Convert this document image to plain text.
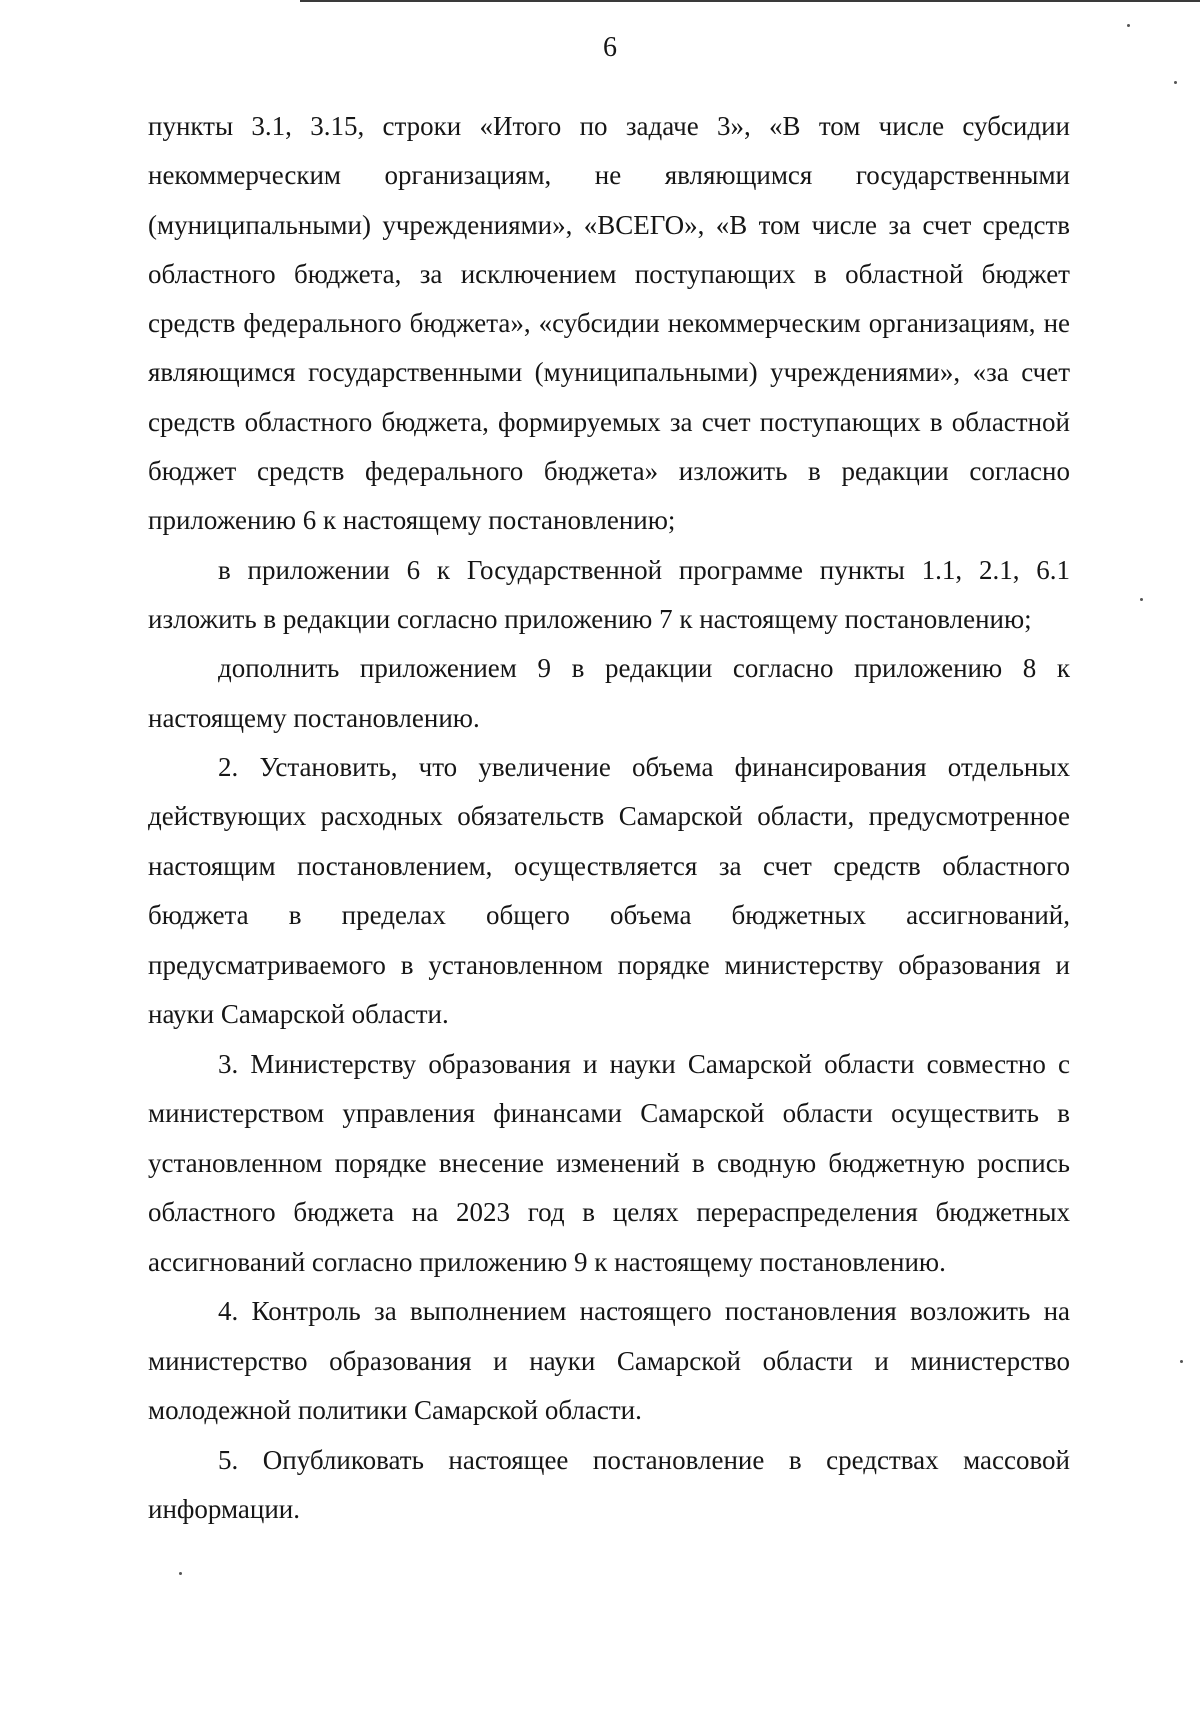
6

пункты 3.1, 3.15, строки «Итого по задаче 3», «В том числе субсидии некоммерческим организациям, не являющимся государственными (муниципальными) учреждениями», «ВСЕГО», «В том числе за счет средств областного бюджета, за исключением поступающих в областной бюджет средств федерального бюджета», «субсидии некоммерческим организациям, не являющимся государственными (муниципальными) учреждениями», «за счет средств областного бюджета, формируемых за счет поступающих в областной бюджет средств федерального бюджета» изложить в редакции согласно приложению 6 к настоящему постановлению;

в приложении 6 к Государственной программе пункты 1.1, 2.1, 6.1 изложить в редакции согласно приложению 7 к настоящему постановлению;

дополнить приложением 9 в редакции согласно приложению 8 к настоящему постановлению.

2. Установить, что увеличение объема финансирования отдельных действующих расходных обязательств Самарской области, предусмотренное настоящим постановлением, осуществляется за счет средств областного бюджета в пределах общего объема бюджетных ассигнований, предусматриваемого в установленном порядке министерству образования и науки Самарской области.

3. Министерству образования и науки Самарской области совместно с министерством управления финансами Самарской области осуществить в установленном порядке внесение изменений в сводную бюджетную роспись областного бюджета на 2023 год в целях перераспределения бюджетных ассигнований согласно приложению 9 к настоящему постановлению.

4. Контроль за выполнением настоящего постановления возложить на министерство образования и науки Самарской области и министерство молодежной политики Самарской области.

5. Опубликовать настоящее постановление в средствах массовой информации.
